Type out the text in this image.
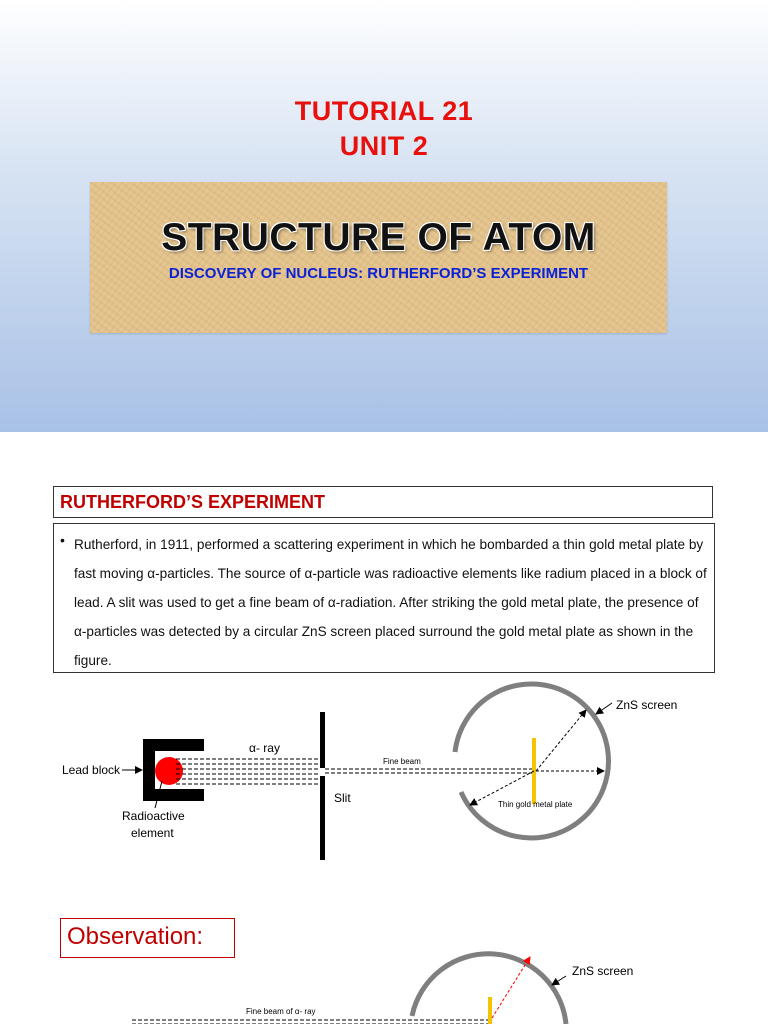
TUTORIAL 21
UNIT 2
STRUCTURE OF ATOM
DISCOVERY OF NUCLEUS: RUTHERFORD’S EXPERIMENT
RUTHERFORD’S EXPERIMENT
• Rutherford, in 1911, performed a scattering experiment in which he bombarded a thin gold metal plate by fast moving α-particles. The source of α-particle was radioactive elements like radium placed in a block of lead. A slit was used to get a fine beam of α-radiation. After striking the gold metal plate, the presence of α-particles was detected by a circular ZnS screen placed surround the gold metal plate as shown in the figure.
Lead block
Radioactive
element
α- ray
Slit
Fine beam
ZnS screen
Thin gold metal plate
Observation:
ZnS screen
Fine beam of α- ray
